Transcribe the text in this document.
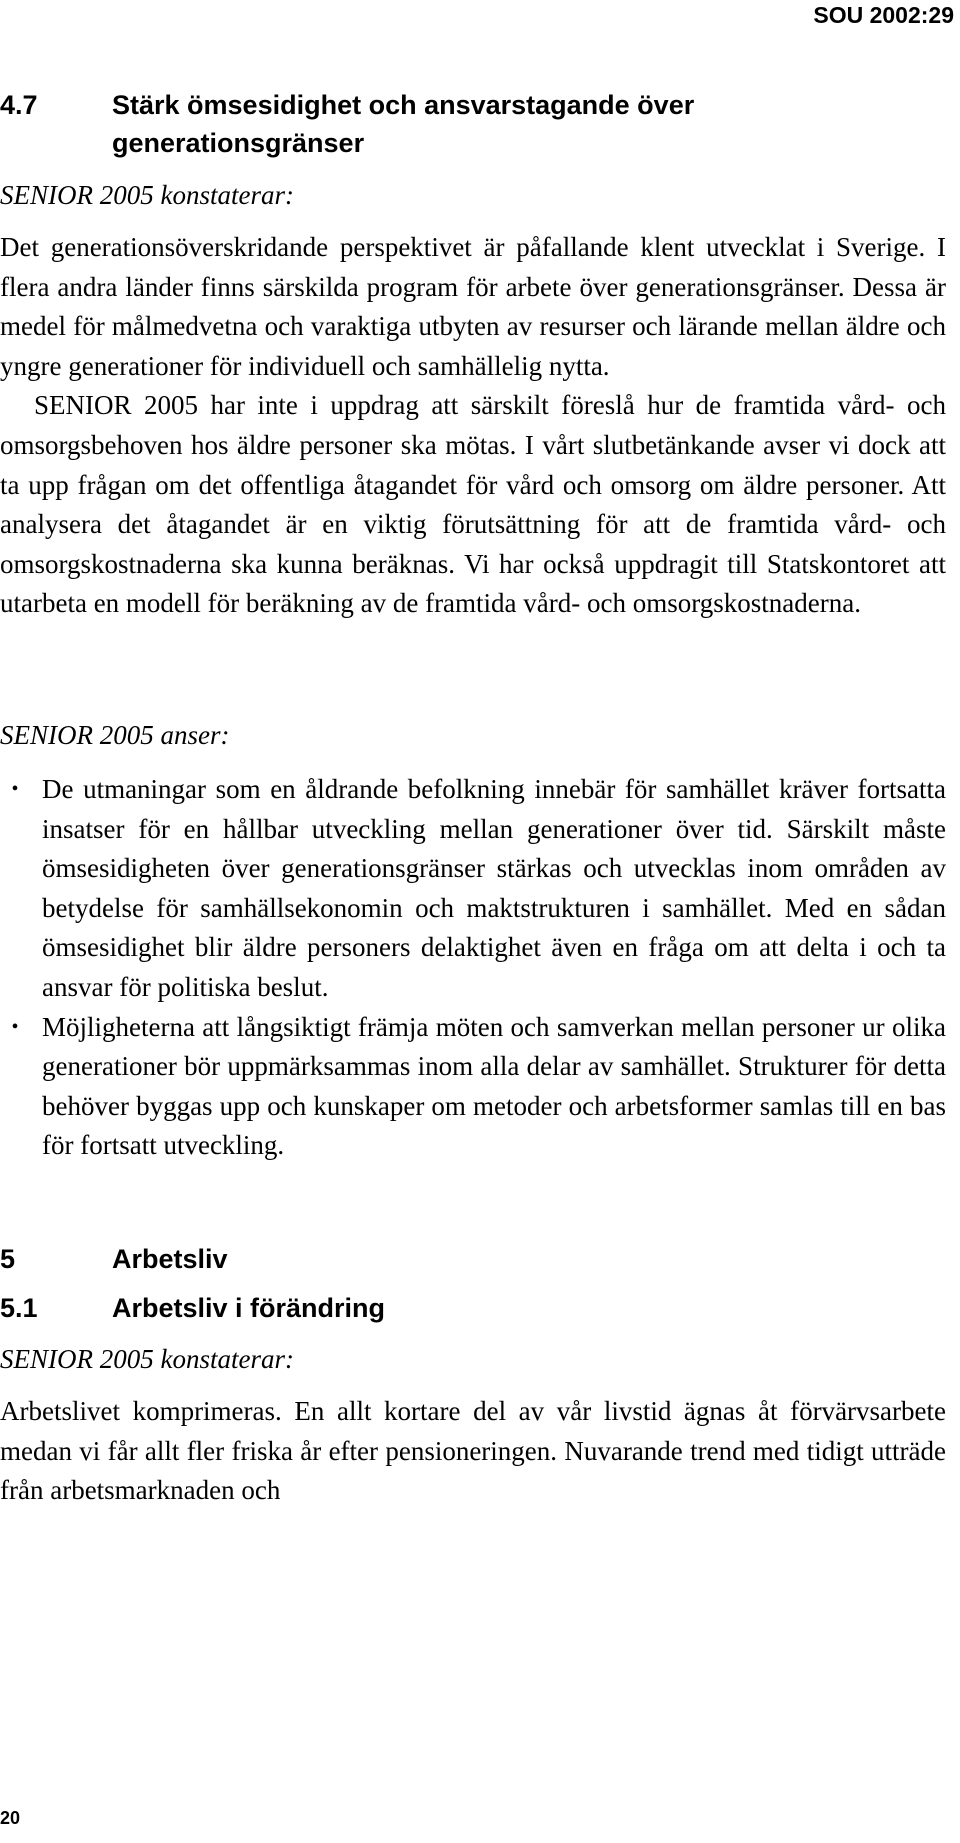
SOU 2002:29
4.7	Stärk ömsesidighet och ansvarstagande över generationsgränser
SENIOR 2005 konstaterar:

Det generationsöverskridande perspektivet är påfallande klent utvecklat i Sverige. I flera andra länder finns särskilda program för arbete över generationsgränser. Dessa är medel för målmedvetna och varaktiga utbyten av resurser och lärande mellan äldre och yngre generationer för individuell och samhällelig nytta.

SENIOR 2005 har inte i uppdrag att särskilt föreslå hur de framtida vård- och omsorgsbehoven hos äldre personer ska mötas. I vårt slutbetänkande avser vi dock att ta upp frågan om det offentliga åtagandet för vård och omsorg om äldre personer. Att analysera det åtagandet är en viktig förutsättning för att de framtida vård- och omsorgskostnaderna ska kunna beräknas. Vi har också uppdragit till Statskontoret att utarbeta en modell för beräkning av de framtida vård- och omsorgskostnaderna.

SENIOR 2005 anser:
• De utmaningar som en åldrande befolkning innebär för samhället kräver fortsatta insatser för en hållbar utveckling mellan generationer över tid. Särskilt måste ömsesidigheten över generationsgränser stärkas och utvecklas inom områden av betydelse för samhällsekonomin och maktstrukturen i samhället. Med en sådan ömsesidighet blir äldre personers delaktighet även en fråga om att delta i och ta ansvar för politiska beslut.
• Möjligheterna att långsiktigt främja möten och samverkan mellan personer ur olika generationer bör uppmärksammas inom alla delar av samhället. Strukturer för detta behöver byggas upp och kunskaper om metoder och arbetsformer samlas till en bas för fortsatt utveckling.
5	Arbetsliv
5.1	Arbetsliv i förändring
SENIOR 2005 konstaterar:

Arbetslivet komprimeras. En allt kortare del av vår livstid ägnas åt förvärvsarbete medan vi får allt fler friska år efter pensioneringen. Nuvarande trend med tidigt utträde från arbetsmarknaden och

20
